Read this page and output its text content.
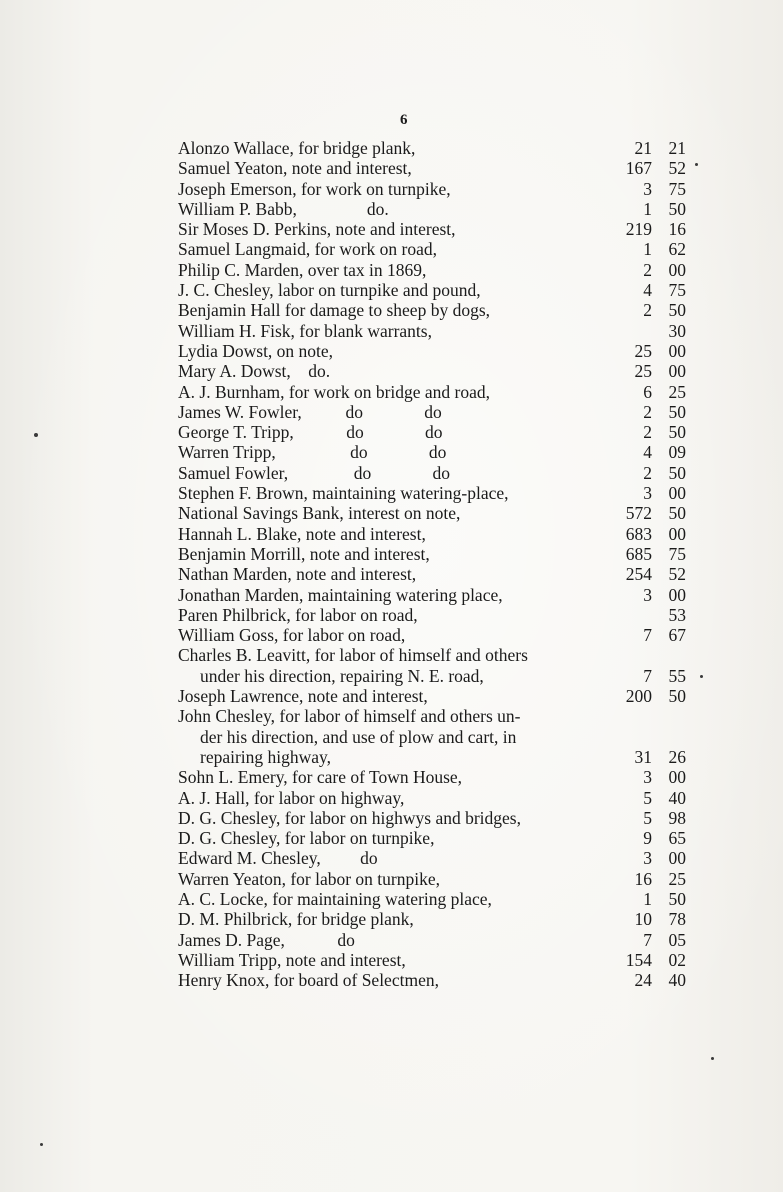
6
Alonzo Wallace, for bridge plank,	21 21
Samuel Yeaton, note and interest,	167 52
Joseph Emerson, for work on turnpike,	3 75
William P. Babb,                do.	1 50
Sir Moses D. Perkins, note and interest,	219 16
Samuel Langmaid, for work on road,	1 62
Philip C. Marden, over tax in 1869,	2 00
J. C. Chesley, labor on turnpike and pound,	4 75
Benjamin Hall for damage to sheep by dogs,	2 50
William H. Fisk, for blank warrants,	30
Lydia Dowst, on note,	25 00
Mary A. Dowst,    do.	25 00
A. J. Burnham, for work on bridge and road,	6 25
James W. Fowler,          do              do	2 50
George T. Tripp,            do              do	2 50
Warren Tripp,                 do              do	4 09
Samuel Fowler,               do              do	2 50
Stephen F. Brown, maintaining watering-place,	3 00
National Savings Bank, interest on note,	572 50
Hannah L. Blake, note and interest,	683 00
Benjamin Morrill, note and interest,	685 75
Nathan Marden, note and interest,	254 52
Jonathan Marden, maintaining watering place,	3 00
Paren Philbrick, for labor on road,	53
William Goss, for labor on road,	7 67
Charles B. Leavitt, for labor of himself and others
under his direction, repairing N. E. road,	7 55
Joseph Lawrence, note and interest,	200 50
John Chesley, for labor of himself and others un-
der his direction, and use of plow and cart, in
repairing highway,	31 26
Sohn L. Emery, for care of Town House,	3 00
A. J. Hall, for labor on highway,	5 40
D. G. Chesley, for labor on highwys and bridges,	5 98
D. G. Chesley, for labor on turnpike,	9 65
Edward M. Chesley,         do	3 00
Warren Yeaton, for labor on turnpike,	16 25
A. C. Locke, for maintaining watering place,	1 50
D. M. Philbrick, for bridge plank,	10 78
James D. Page,            do	7 05
William Tripp, note and interest,	154 02
Henry Knox, for board of Selectmen,	24 40
